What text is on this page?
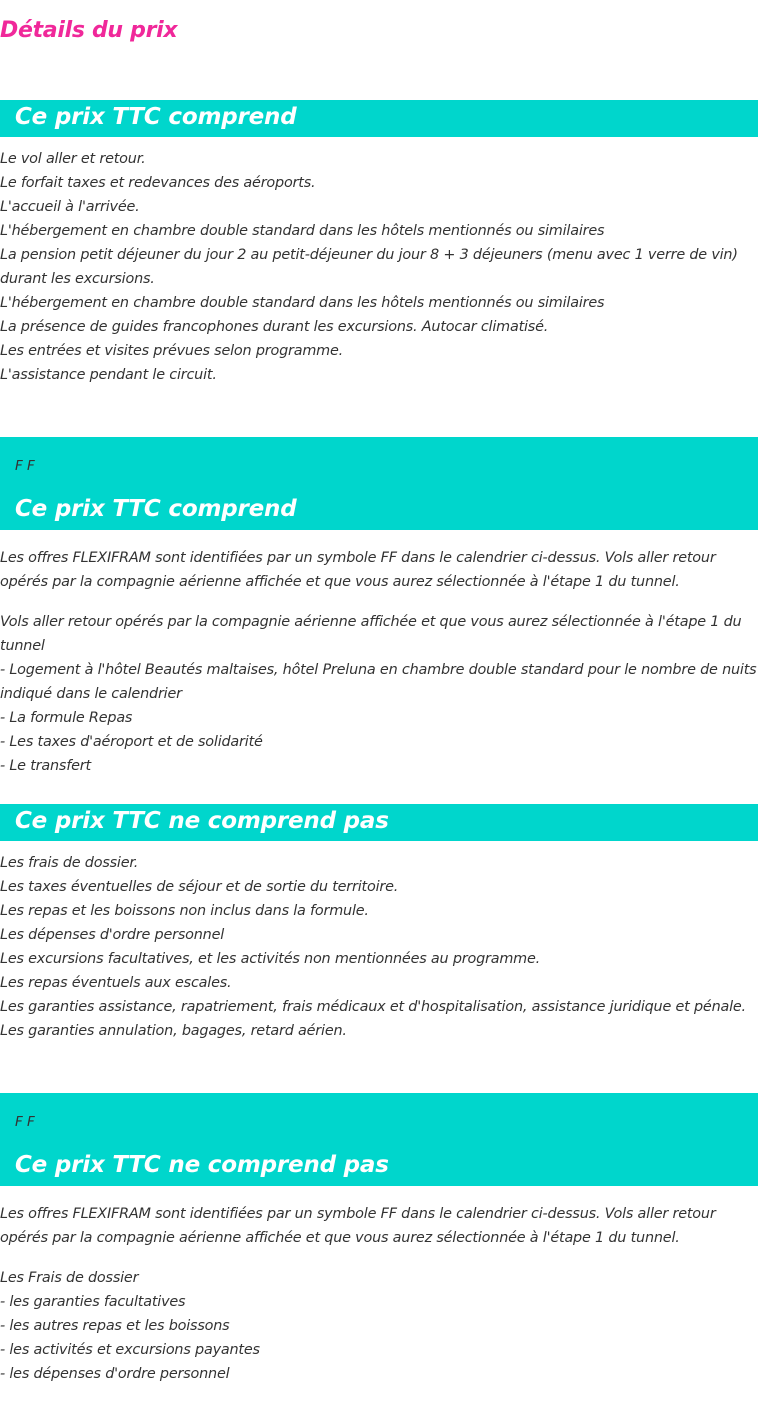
Détails du prix
Ce prix TTC comprend
Le vol aller et retour.
Le forfait taxes et redevances des aéroports.
L'accueil à l'arrivée.
L'hébergement en chambre double standard dans les hôtels mentionnés ou similaires
La pension petit déjeuner du jour 2 au petit-déjeuner du jour 8 + 3 déjeuners (menu avec 1 verre de vin) durant les excursions.
L'hébergement en chambre double standard dans les hôtels mentionnés ou similaires
La présence de guides francophones durant les excursions. Autocar climatisé.
Les entrées et visites prévues selon programme.
L'assistance pendant le circuit.
F F
Ce prix TTC comprend

Les offres FLEXIFRAM sont identifiées par un symbole FF dans le calendrier ci-dessus. Vols aller retour opérés par la compagnie aérienne affichée et que vous aurez sélectionnée à l'étape 1 du tunnel.

Vols aller retour opérés par la compagnie aérienne affichée et que vous aurez sélectionnée à l'étape 1 du tunnel
- Logement à l'hôtel Beautés maltaises, hôtel Preluna en chambre double standard pour le nombre de nuits indiqué dans le calendrier
- La formule Repas
- Les taxes d'aéroport et de solidarité
- Le transfert
Ce prix TTC ne comprend pas
Les frais de dossier.
Les taxes éventuelles de séjour et de sortie du territoire.
Les repas et les boissons non inclus dans la formule.
Les dépenses d'ordre personnel
Les excursions facultatives, et les activités non mentionnées au programme.
Les repas éventuels aux escales.
Les garanties assistance, rapatriement, frais médicaux et d'hospitalisation, assistance juridique et pénale.
Les garanties annulation, bagages, retard aérien.
F F
Ce prix TTC ne comprend pas

Les offres FLEXIFRAM sont identifiées par un symbole FF dans le calendrier ci-dessus. Vols aller retour opérés par la compagnie aérienne affichée et que vous aurez sélectionnée à l'étape 1 du tunnel.

Les Frais de dossier
- les garanties facultatives
- les autres repas et les boissons
- les activités et excursions payantes
- les dépenses d'ordre personnel
